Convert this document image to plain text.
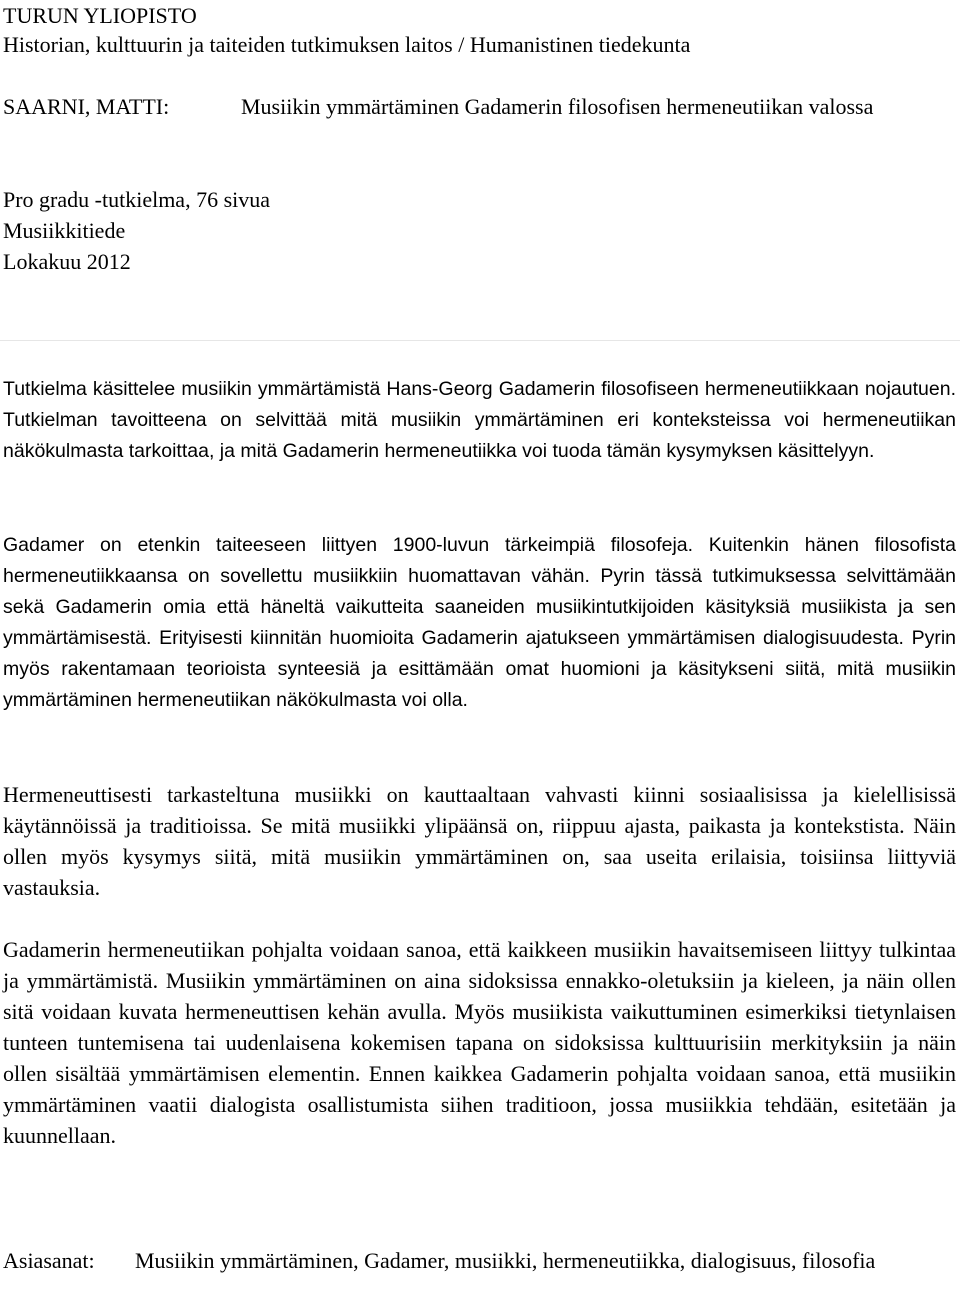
TURUN YLIOPISTO
Historian, kulttuurin ja taiteiden tutkimuksen laitos / Humanistinen tiedekunta
SAARNI, MATTI:	Musiikin ymmärtäminen Gadamerin filosofisen hermeneutiikan valossa
Pro gradu -tutkielma, 76 sivua
Musiikkitiede
Lokakuu 2012

Tutkielma käsittelee musiikin ymmärtämistä Hans-Georg Gadamerin filosofiseen hermeneutiikkaan nojautuen. Tutkielman tavoitteena on selvittää mitä musiikin ymmärtäminen eri konteksteissa voi hermeneutiikan näkökulmasta tarkoittaa, ja mitä Gadamerin hermeneutiikka voi tuoda tämän kysymyksen käsittelyyn.

Gadamer on etenkin taiteeseen liittyen 1900-luvun tärkeimpiä filosofeja. Kuitenkin hänen filosofista hermeneutiikkaansa on sovellettu musiikkiin huomattavan vähän. Pyrin tässä tutkimuksessa selvittämään sekä Gadamerin omia että häneltä vaikutteita saaneiden musiikintutkijoiden käsityksiä musiikista ja sen ymmärtämisestä. Erityisesti kiinnitän huomioita Gadamerin ajatukseen ymmärtämisen dialogisuudesta. Pyrin myös rakentamaan teorioista synteesiä ja esittämään omat huomioni ja käsitykseni siitä, mitä musiikin ymmärtäminen hermeneutiikan näkökulmasta voi olla.

Hermeneuttisesti tarkasteltuna musiikki on kauttaaltaan vahvasti kiinni sosiaalisissa ja kielellisissä käytännöissä ja traditioissa. Se mitä musiikki ylipäänsä on, riippuu ajasta, paikasta ja kontekstista. Näin ollen myös kysymys siitä, mitä musiikin ymmärtäminen on, saa useita erilaisia, toisiinsa liittyviä vastauksia.

Gadamerin hermeneutiikan pohjalta voidaan sanoa, että kaikkeen musiikin havaitsemiseen liittyy tulkintaa ja ymmärtämistä. Musiikin ymmärtäminen on aina sidoksissa ennakko-oletuksiin ja kieleen, ja näin ollen sitä voidaan kuvata hermeneuttisen kehän avulla. Myös musiikista vaikuttuminen esimerkiksi tietynlaisen tunteen tuntemisena tai uudenlaisena kokemisen tapana on sidoksissa kulttuurisiin merkityksiin ja näin ollen sisältää ymmärtämisen elementin. Ennen kaikkea Gadamerin pohjalta voidaan sanoa, että musiikin ymmärtäminen vaatii dialogista osallistumista siihen traditioon, jossa musiikkia tehdään, esitetään ja kuunnellaan.

Asiasanat: Musiikin ymmärtäminen, Gadamer, musiikki, hermeneutiikka, dialogisuus, filosofia
